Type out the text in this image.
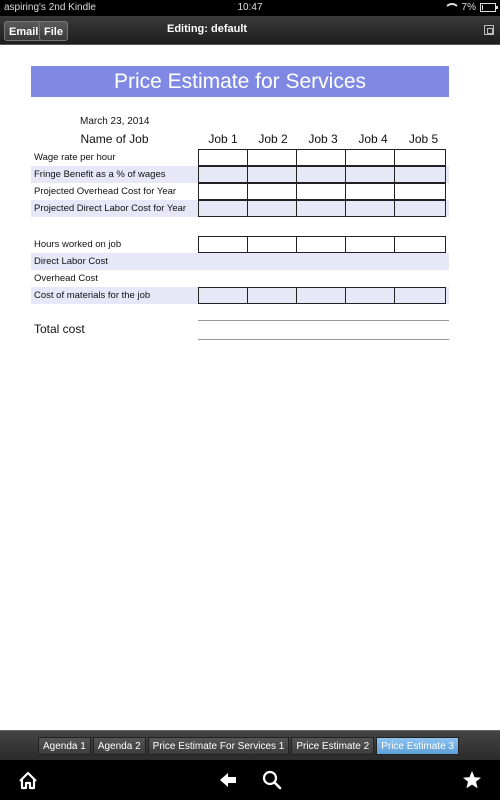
aspiring's 2nd Kindle	10:47	7%
Email File	Editing: default
Price Estimate for Services
March 23, 2014
Name of Job	Job 1	Job 2	Job 3	Job 4	Job 5
Wage rate per hour
Fringe Benefit as a % of wages
Projected Overhead Cost for Year
Projected Direct Labor Cost for Year
Hours worked on job
Direct Labor Cost
Overhead Cost
Cost of materials for the job
Total cost
Agenda 1	Agenda 2	Price Estimate For Services 1	Price Estimate 2	Price Estimate 3
